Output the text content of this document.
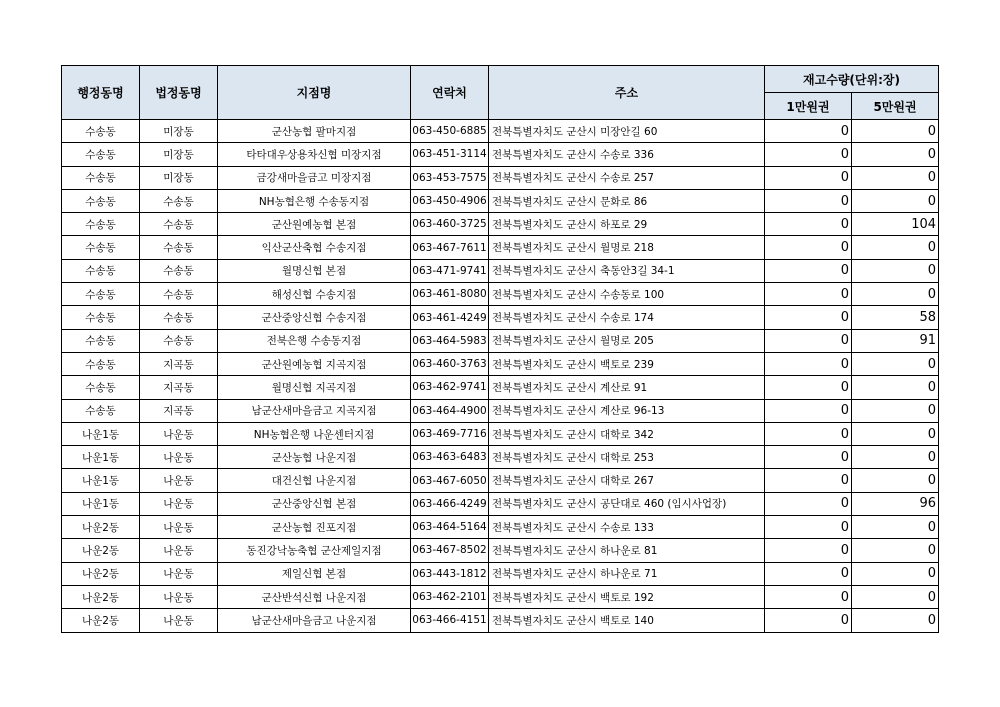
행정동명	법정동명	지점명	연락처	주소	재고수량(단위:장)	
					1만원권	5만원권
수송동	미장동	군산농협 팔마지점	063-450-6885	전북특별자치도 군산시 미장안길 60	0	0
수송동	미장동	타타대우상용차신협 미장지점	063-451-3114	전북특별자치도 군산시 수송로 336	0	0
수송동	미장동	금강새마을금고 미장지점	063-453-7575	전북특별자치도 군산시 수송로 257	0	0
수송동	수송동	NH농협은행 수송동지점	063-450-4906	전북특별자치도 군산시 문화로 86	0	0
수송동	수송동	군산원예농협 본점	063-460-3725	전북특별자치도 군산시 하포로 29	0	104
수송동	수송동	익산군산축협 수송지점	063-467-7611	전북특별자치도 군산시 월명로 218	0	0
수송동	수송동	월명신협 본점	063-471-9741	전북특별자치도 군산시 축동안3길 34-1	0	0
수송동	수송동	해성신협 수송지점	063-461-8080	전북특별자치도 군산시 수송동로 100	0	0
수송동	수송동	군산중앙신협 수송지점	063-461-4249	전북특별자치도 군산시 수송로 174	0	58
수송동	수송동	전북은행 수송동지점	063-464-5983	전북특별자치도 군산시 월명로 205	0	91
수송동	지곡동	군산원예농협 지곡지점	063-460-3763	전북특별자치도 군산시 백토로 239	0	0
수송동	지곡동	월명신협 지곡지점	063-462-9741	전북특별자치도 군산시 계산로 91	0	0
수송동	지곡동	남군산새마을금고 지곡지점	063-464-4900	전북특별자치도 군산시 계산로 96-13	0	0
나운1동	나운동	NH농협은행 나운센터지점	063-469-7716	전북특별자치도 군산시 대학로 342	0	0
나운1동	나운동	군산농협 나운지점	063-463-6483	전북특별자치도 군산시 대학로 253	0	0
나운1동	나운동	대건신협 나운지점	063-467-6050	전북특별자치도 군산시 대학로 267	0	0
나운1동	나운동	군산중앙신협 본점	063-466-4249	전북특별자치도 군산시 공단대로 460 (임시사업장)	0	96
나운2동	나운동	군산농협 진포지점	063-464-5164	전북특별자치도 군산시 수송로 133	0	0
나운2동	나운동	동진강낙농축협 군산제일지점	063-467-8502	전북특별자치도 군산시 하나운로 81	0	0
나운2동	나운동	제일신협 본점	063-443-1812	전북특별자치도 군산시 하나운로 71	0	0
나운2동	나운동	군산반석신협 나운지점	063-462-2101	전북특별자치도 군산시 백토로 192	0	0
나운2동	나운동	남군산새마을금고 나운지점	063-466-4151	전북특별자치도 군산시 백토로 140	0	0
